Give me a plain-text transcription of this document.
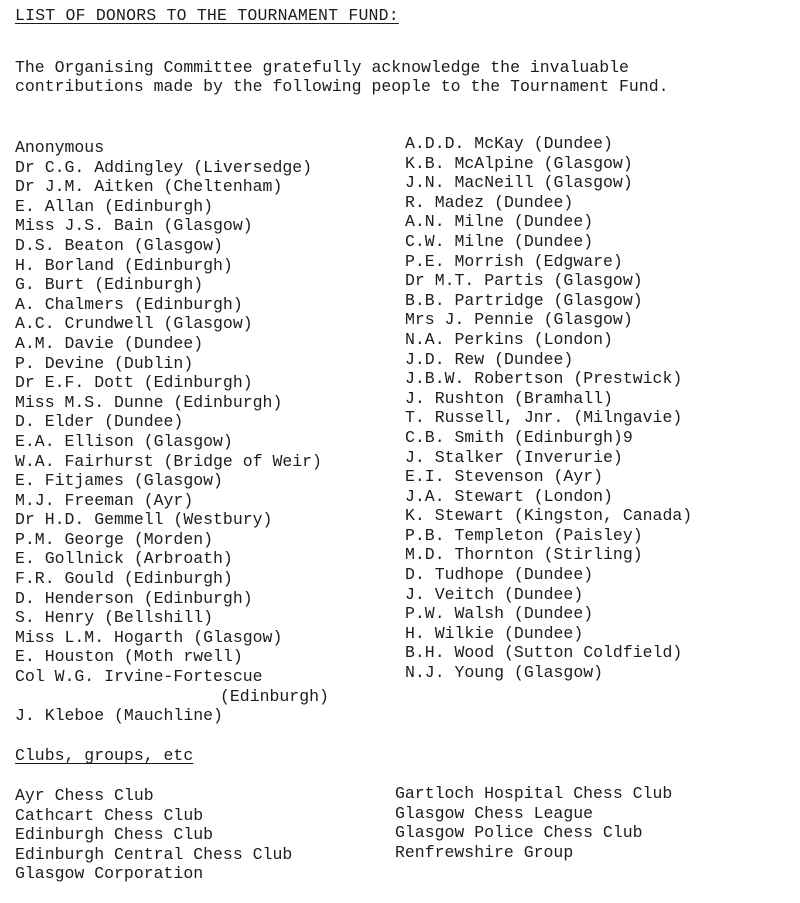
LIST OF DONORS TO THE TOURNAMENT FUND:
The Organising Committee gratefully acknowledge the invaluable
contributions made by the following people to the Tournament Fund.
Anonymous
Dr C.G. Addingley (Liversedge)
Dr J.M. Aitken (Cheltenham)
E. Allan (Edinburgh)
Miss J.S. Bain (Glasgow)
D.S. Beaton (Glasgow)
H. Borland (Edinburgh)
G. Burt (Edinburgh)
A. Chalmers (Edinburgh)
A.C. Crundwell (Glasgow)
A.M. Davie (Dundee)
P. Devine (Dublin)
Dr E.F. Dott (Edinburgh)
Miss M.S. Dunne (Edinburgh)
D. Elder (Dundee)
E.A. Ellison (Glasgow)
W.A. Fairhurst (Bridge of Weir)
E. Fitjames (Glasgow)
M.J. Freeman (Ayr)
Dr H.D. Gemmell (Westbury)
P.M. George (Morden)
E. Gollnick (Arbroath)
F.R. Gould (Edinburgh)
D. Henderson (Edinburgh)
S. Henry (Bellshill)
Miss L.M. Hogarth (Glasgow)
E. Houston (Moth rwell)
Col W.G. Irvine-Fortescue
(Edinburgh)
J. Kleboe (Mauchline)
A.D.D. McKay (Dundee)
K.B. McAlpine (Glasgow)
J.N. MacNeill (Glasgow)
R. Madez (Dundee)
A.N. Milne (Dundee)
C.W. Milne (Dundee)
P.E. Morrish (Edgware)
Dr M.T. Partis (Glasgow)
B.B. Partridge (Glasgow)
Mrs J. Pennie (Glasgow)
N.A. Perkins (London)
J.D. Rew (Dundee)
J.B.W. Robertson (Prestwick)
J. Rushton (Bramhall)
T. Russell, Jnr. (Milngavie)
C.B. Smith (Edinburgh)9
J. Stalker (Inverurie)
E.I. Stevenson (Ayr)
J.A. Stewart (London)
K. Stewart (Kingston, Canada)
P.B. Templeton (Paisley)
M.D. Thornton (Stirling)
D. Tudhope (Dundee)
J. Veitch (Dundee)
P.W. Walsh (Dundee)
H. Wilkie (Dundee)
B.H. Wood (Sutton Coldfield)
N.J. Young (Glasgow)
Clubs, groups, etc
Ayr Chess Club
Cathcart Chess Club
Edinburgh Chess Club
Edinburgh Central Chess Club
Glasgow Corporation
Gartloch Hospital Chess Club
Glasgow Chess League
Glasgow Police Chess Club
Renfrewshire Group
